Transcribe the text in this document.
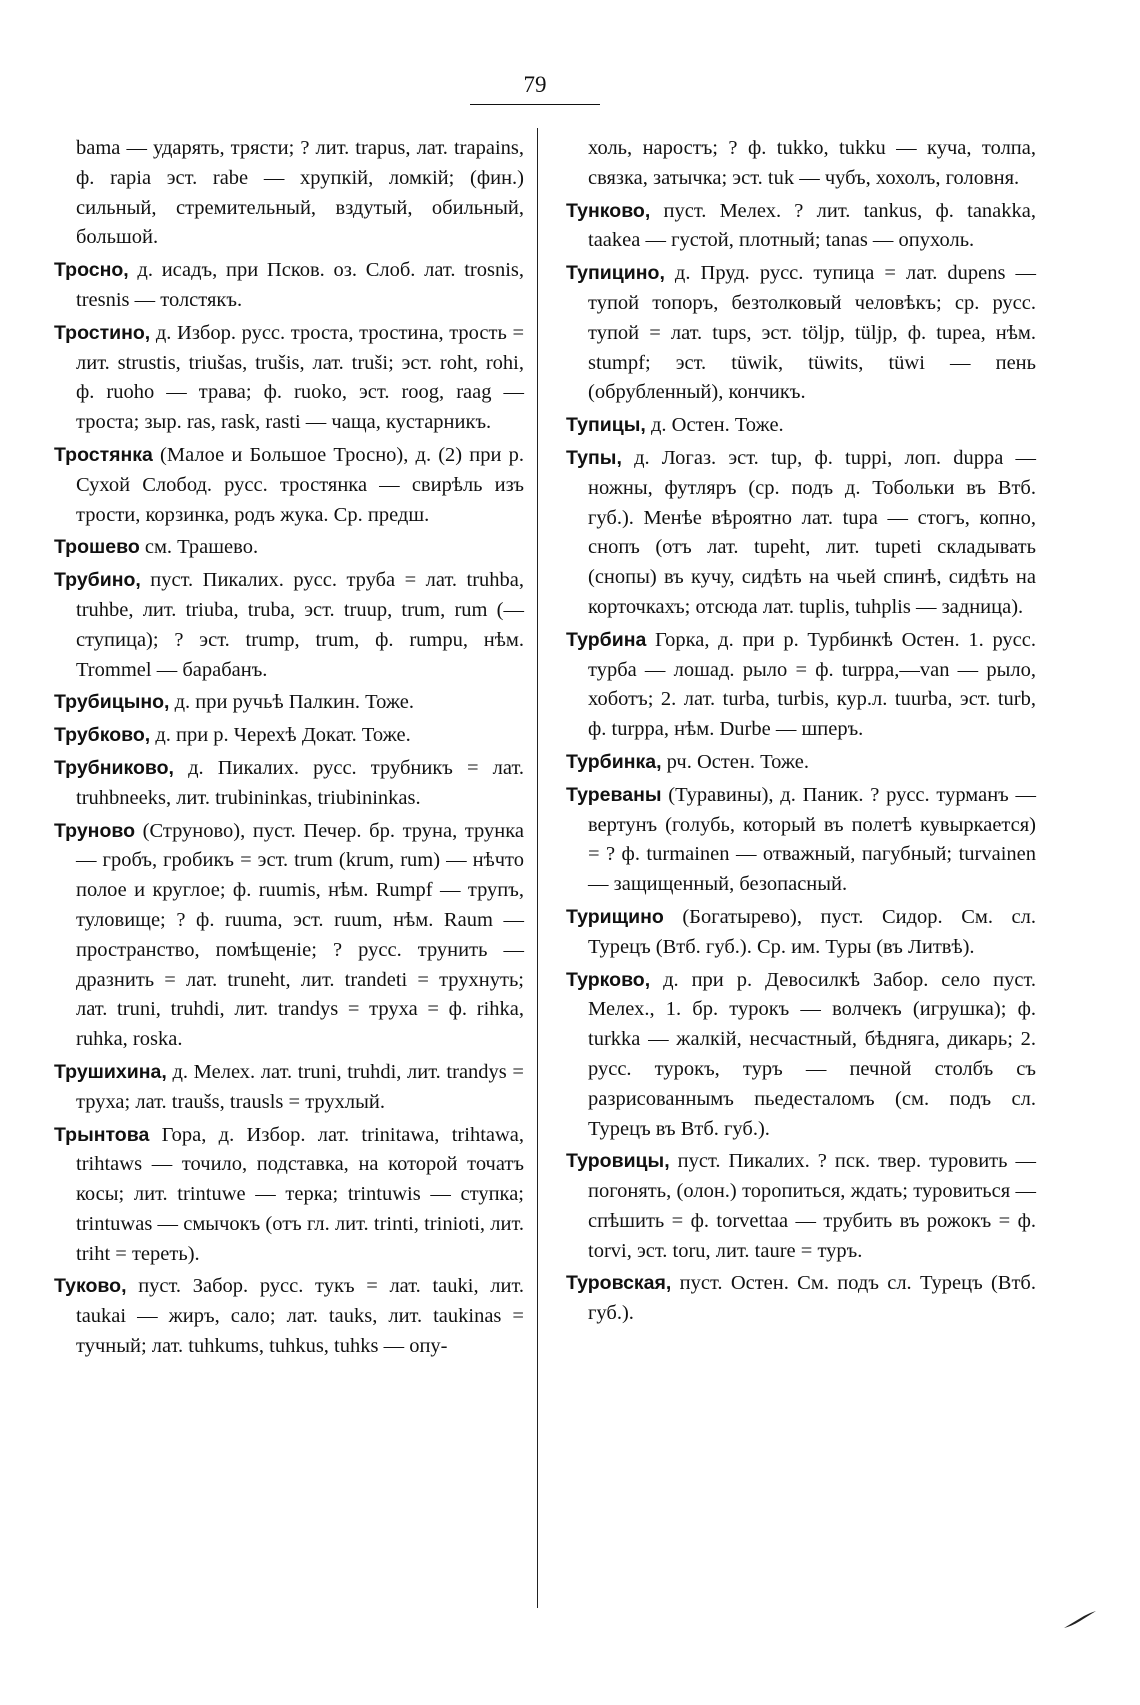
79

bama — ударять, трясти; ? лит. trapus, лат. trapains, ф. rapia эст. rabe — хрупкій, ломкій; (фин.) сильный, стремительный, вздутый, обильный, большой.

Тросно, д. исадъ, при Псков. оз. Слоб. лат. trosnis, tresnis — толстякъ.

Тростино, д. Избор. русс. троста, тростина, трость = лит. strustis, triušas, trušis, лат. truši; эст. roht, rohi, ф. ruoho — трава; ф. ruoko, эст. roog, raag — троста; зыр. ras, rask, rasti — чаща, кустарникъ.

Тростянка (Малое и Большое Тросно), д. (2) при р. Сухой Слобод. русс. тростянка — свирѣль изъ трости, корзинка, родъ жука. Ср. предш.

Трошево см. Трашево.

Трубино, пуст. Пикалих. русс. труба = лат. truhba, truhbe, лит. triuba, truba, эст. truup, trum, rum (— ступица); ? эст. trump, trum, ф. rumpu, нѣм. Trommel — барабанъ.

Трубицыно, д. при ручьѣ Палкин. Тоже.

Трубково, д. при р. Черехѣ Докат. Тоже.

Трубниково, д. Пикалих. русс. трубникъ = лат. truhbneeks, лит. trubininkas, triubininkas.

Труново (Струново), пуст. Печер. бр. труна, трунка — гробъ, гробикъ = эст. trum (krum, rum) — нѣчто полое и круглое; ф. ruumis, нѣм. Rumpf — трупъ, туловище; ? ф. ruuma, эст. ruum, нѣм. Raum — пространство, помѣщеніе; ? русс. трунить — дразнить = лат. truneht, лит. trandeti = трухнуть; лат. truni, truhdi, лит. trandys = труха = ф. rihka, ruhka, roska.

Трушихина, д. Мелех. лат. truni, truhdi, лит. trandys = труха; лат. traušs, trausls = трухлый.

Трынтова Гора, д. Избор. лат. trinitawa, trihtawa, trihtaws — точило, подставка, на которой точатъ косы; лит. trintuwe — терка; trintuwis — ступка; trintuwas — смычокъ (отъ гл. лит. trinti, trinioti, лит. triht = тереть).

Туково, пуст. Забор. русс. тукъ = лат. tauki, лит. taukai — жиръ, сало; лат. tauks, лит. taukinas = тучный; лат. tuhkums, tuhkus, tuhks — опу-

холь, наростъ; ? ф. tukko, tukku — куча, толпа, связка, затычка; эст. tuk — чубъ, хохолъ, головня.

Тунково, пуст. Мелех. ? лит. tankus, ф. tanakka, taakea — густой, плотный; tanas — опухоль.

Тупицино, д. Пруд. русс. тупица = лат. dupens — тупой топоръ, безтолковый человѣкъ; ср. русс. тупой = лат. tups, эст. töljp, tüljp, ф. tupea, нѣм. stumpf; эст. tüwik, tüwits, tüwi — пень (обрубленный), кончикъ.

Тупицы, д. Остен. Тоже.

Тупы, д. Логаз. эст. tup, ф. tuppi, лоп. duppa — ножны, футляръ (ср. подъ д. Тобольки въ Втб. губ.). Менѣе вѣроятно лат. tupa — стогъ, копно, снопъ (отъ лат. tupeht, лит. tupeti складывать (снопы) въ кучу, сидѣть на чьей спинѣ, сидѣть на корточкахъ; отсюда лат. tuplis, tuhplis — задница).

Турбина Горка, д. при р. Турбинкѣ Остен. 1. русс. турба — лошад. рыло = ф. turppa,—van — рыло, хоботъ; 2. лат. turba, turbis, кур.л. tuurba, эст. turb, ф. turppa, нѣм. Durbe — шперъ.

Турбинка, рч. Остен. Тоже.

Туреваны (Туравины), д. Паник. ? русс. турманъ — вертунъ (голубь, который въ полетѣ кувыркается) = ? ф. turmainen — отважный, пагубный; turvainen — защищенный, безопасный.

Турищино (Богатырево), пуст. Сидор. См. сл. Турецъ (Втб. губ.). Ср. им. Туры (въ Литвѣ).

Турково, д. при р. Девосилкѣ Забор. село пуст. Мелех., 1. бр. турокъ — волчекъ (игрушка); ф. turkka — жалкій, несчастный, бѣдняга, дикарь; 2. русс. турокъ, туръ — печной столбъ съ разрисованнымъ пьедесталомъ (см. подъ сл. Турецъ въ Втб. губ.).

Туровицы, пуст. Пикалих. ? пск. твер. туровить — погонять, (олон.) торопиться, ждать; туровиться — спѣшить = ф. torvettaa — трубить въ рожокъ = ф. torvi, эст. toru, лит. taure = туръ.

Туровская, пуст. Остен. См. подъ сл. Турецъ (Втб. губ.).
